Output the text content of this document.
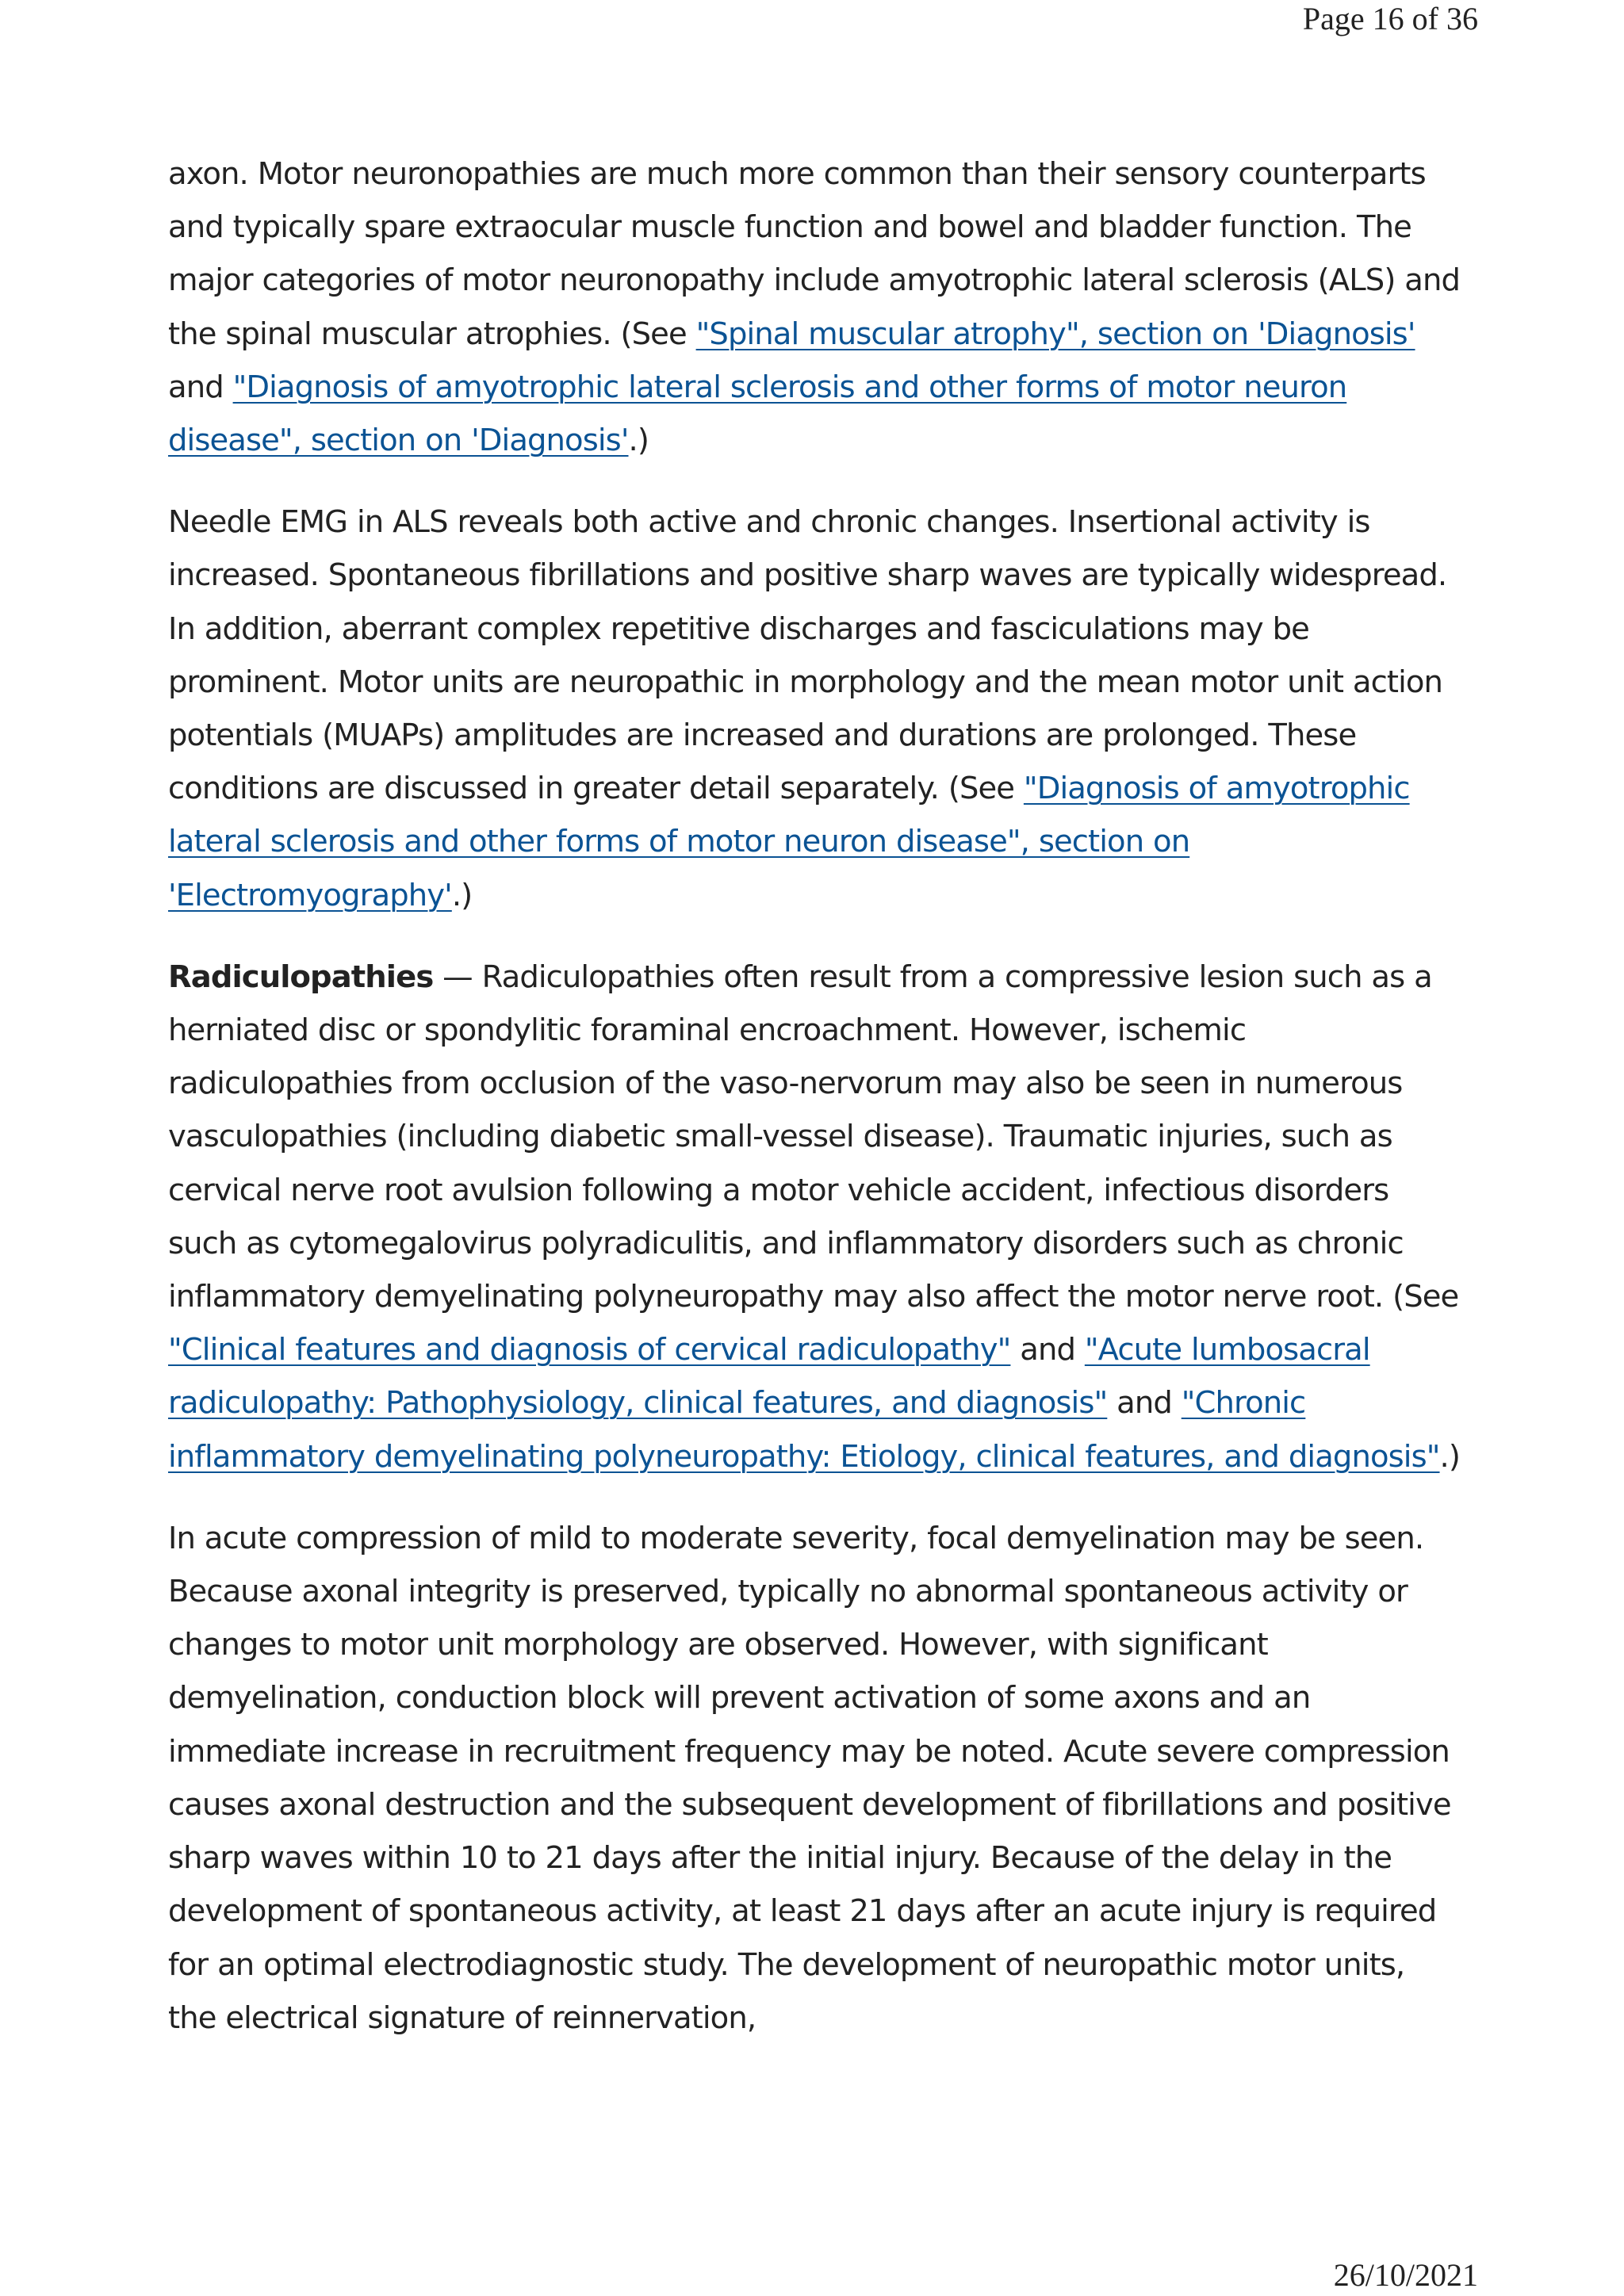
Page 16 of 36

axon. Motor neuronopathies are much more common than their sensory counterparts and typically spare extraocular muscle function and bowel and bladder function. The major categories of motor neuronopathy include amyotrophic lateral sclerosis (ALS) and the spinal muscular atrophies. (See "Spinal muscular atrophy", section on 'Diagnosis' and "Diagnosis of amyotrophic lateral sclerosis and other forms of motor neuron disease", section on 'Diagnosis'.)

Needle EMG in ALS reveals both active and chronic changes. Insertional activity is increased. Spontaneous fibrillations and positive sharp waves are typically widespread. In addition, aberrant complex repetitive discharges and fasciculations may be prominent. Motor units are neuropathic in morphology and the mean motor unit action potentials (MUAPs) amplitudes are increased and durations are prolonged. These conditions are discussed in greater detail separately. (See "Diagnosis of amyotrophic lateral sclerosis and other forms of motor neuron disease", section on 'Electromyography'.)

Radiculopathies — Radiculopathies often result from a compressive lesion such as a herniated disc or spondylitic foraminal encroachment. However, ischemic radiculopathies from occlusion of the vaso-nervorum may also be seen in numerous vasculopathies (including diabetic small-vessel disease). Traumatic injuries, such as cervical nerve root avulsion following a motor vehicle accident, infectious disorders such as cytomegalovirus polyradiculitis, and inflammatory disorders such as chronic inflammatory demyelinating polyneuropathy may also affect the motor nerve root. (See "Clinical features and diagnosis of cervical radiculopathy" and "Acute lumbosacral radiculopathy: Pathophysiology, clinical features, and diagnosis" and "Chronic inflammatory demyelinating polyneuropathy: Etiology, clinical features, and diagnosis".)

In acute compression of mild to moderate severity, focal demyelination may be seen. Because axonal integrity is preserved, typically no abnormal spontaneous activity or changes to motor unit morphology are observed. However, with significant demyelination, conduction block will prevent activation of some axons and an immediate increase in recruitment frequency may be noted. Acute severe compression causes axonal destruction and the subsequent development of fibrillations and positive sharp waves within 10 to 21 days after the initial injury. Because of the delay in the development of spontaneous activity, at least 21 days after an acute injury is required for an optimal electrodiagnostic study. The development of neuropathic motor units, the electrical signature of reinnervation,

26/10/2021
